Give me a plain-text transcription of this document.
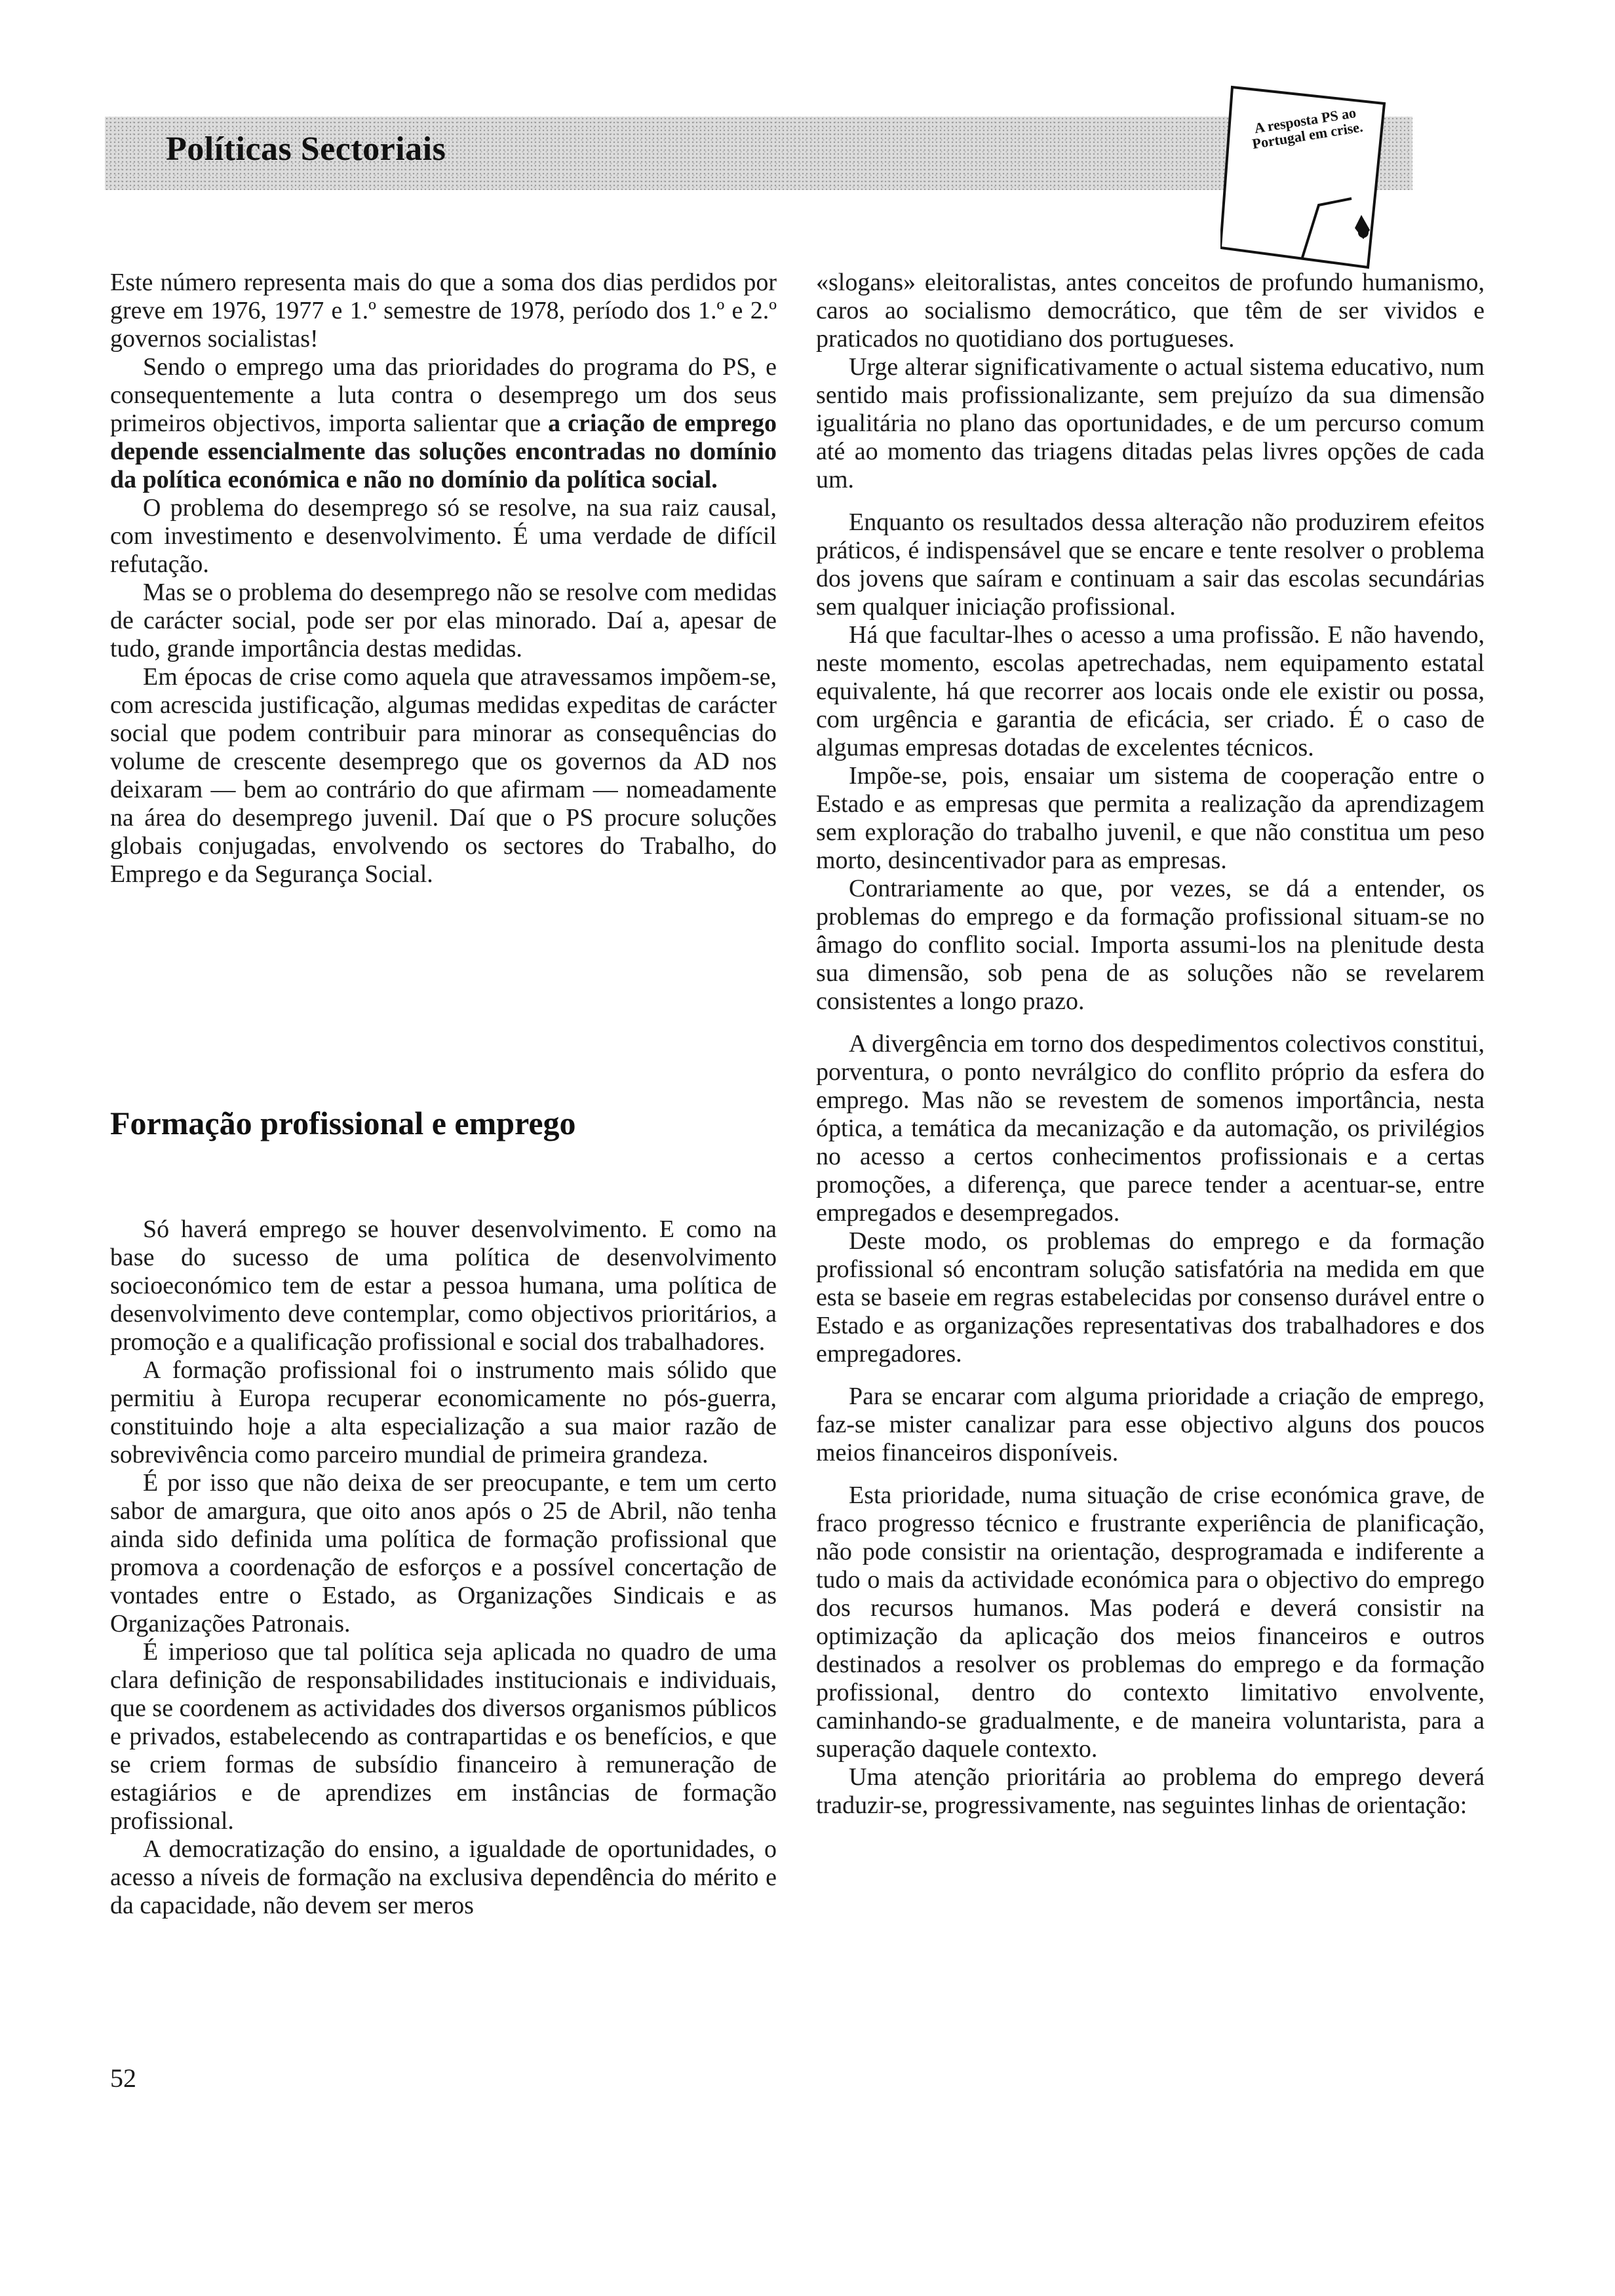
Políticas Sectoriais
A resposta PS ao Portugal em crise.

Este número representa mais do que a soma dos dias perdidos por greve em 1976, 1977 e 1.º semestre de 1978, período dos 1.º e 2.º governos socialistas!

Sendo o emprego uma das prioridades do programa do PS, e consequentemente a luta contra o desemprego um dos seus primeiros objectivos, importa salientar que a criação de emprego depende essencialmente das soluções encontradas no domínio da política económica e não no domínio da política social.

O problema do desemprego só se resolve, na sua raiz causal, com investimento e desenvolvimento. É uma verdade de difícil refutação.

Mas se o problema do desemprego não se resolve com medidas de carácter social, pode ser por elas minorado. Daí a, apesar de tudo, grande importância destas medidas.

Em épocas de crise como aquela que atravessamos impõem-se, com acrescida justificação, algumas medidas expeditas de carácter social que podem contribuir para minorar as consequências do volume de crescente desemprego que os governos da AD nos deixaram — bem ao contrário do que afirmam — nomeadamente na área do desemprego juvenil. Daí que o PS procure soluções globais conjugadas, envolvendo os sectores do Trabalho, do Emprego e da Segurança Social.

Formação profissional e emprego

Só haverá emprego se houver desenvolvimento. E como na base do sucesso de uma política de desenvolvimento socioeconómico tem de estar a pessoa humana, uma política de desenvolvimento deve contemplar, como objectivos prioritários, a promoção e a qualificação profissional e social dos trabalhadores.

A formação profissional foi o instrumento mais sólido que permitiu à Europa recuperar economicamente no pós-guerra, constituindo hoje a alta especialização a sua maior razão de sobrevivência como parceiro mundial de primeira grandeza.

É por isso que não deixa de ser preocupante, e tem um certo sabor de amargura, que oito anos após o 25 de Abril, não tenha ainda sido definida uma política de formação profissional que promova a coordenação de esforços e a possível concertação de vontades entre o Estado, as Organizações Sindicais e as Organizações Patronais.

É imperioso que tal política seja aplicada no quadro de uma clara definição de responsabilidades institucionais e individuais, que se coordenem as actividades dos diversos organismos públicos e privados, estabelecendo as contrapartidas e os benefícios, e que se criem formas de subsídio financeiro à remuneração de estagiários e de aprendizes em instâncias de formação profissional.

A democratização do ensino, a igualdade de oportunidades, o acesso a níveis de formação na exclusiva dependência do mérito e da capacidade, não devem ser meros

«slogans» eleitoralistas, antes conceitos de profundo humanismo, caros ao socialismo democrático, que têm de ser vividos e praticados no quotidiano dos portugueses.

Urge alterar significativamente o actual sistema educativo, num sentido mais profissionalizante, sem prejuízo da sua dimensão igualitária no plano das oportunidades, e de um percurso comum até ao momento das triagens ditadas pelas livres opções de cada um.

Enquanto os resultados dessa alteração não produzirem efeitos práticos, é indispensável que se encare e tente resolver o problema dos jovens que saíram e continuam a sair das escolas secundárias sem qualquer iniciação profissional.

Há que facultar-lhes o acesso a uma profissão. E não havendo, neste momento, escolas apetrechadas, nem equipamento estatal equivalente, há que recorrer aos locais onde ele existir ou possa, com urgência e garantia de eficácia, ser criado. É o caso de algumas empresas dotadas de excelentes técnicos.

Impõe-se, pois, ensaiar um sistema de cooperação entre o Estado e as empresas que permita a realização da aprendizagem sem exploração do trabalho juvenil, e que não constitua um peso morto, desincentivador para as empresas.

Contrariamente ao que, por vezes, se dá a entender, os problemas do emprego e da formação profissional situam-se no âmago do conflito social. Importa assumi-los na plenitude desta sua dimensão, sob pena de as soluções não se revelarem consistentes a longo prazo.

A divergência em torno dos despedimentos colectivos constitui, porventura, o ponto nevrálgico do conflito próprio da esfera do emprego. Mas não se revestem de somenos importância, nesta óptica, a temática da mecanização e da automação, os privilégios no acesso a certos conhecimentos profissionais e a certas promoções, a diferença, que parece tender a acentuar-se, entre empregados e desempregados.

Deste modo, os problemas do emprego e da formação profissional só encontram solução satisfatória na medida em que esta se baseie em regras estabelecidas por consenso durável entre o Estado e as organizações representativas dos trabalhadores e dos empregadores.

Para se encarar com alguma prioridade a criação de emprego, faz-se mister canalizar para esse objectivo alguns dos poucos meios financeiros disponíveis.

Esta prioridade, numa situação de crise económica grave, de fraco progresso técnico e frustrante experiência de planificação, não pode consistir na orientação, desprogramada e indiferente a tudo o mais da actividade económica para o objectivo do emprego dos recursos humanos. Mas poderá e deverá consistir na optimização da aplicação dos meios financeiros e outros destinados a resolver os problemas do emprego e da formação profissional, dentro do contexto limitativo envolvente, caminhando-se gradualmente, e de maneira voluntarista, para a superação daquele contexto.

Uma atenção prioritária ao problema do emprego deverá traduzir-se, progressivamente, nas seguintes linhas de orientação:

52
